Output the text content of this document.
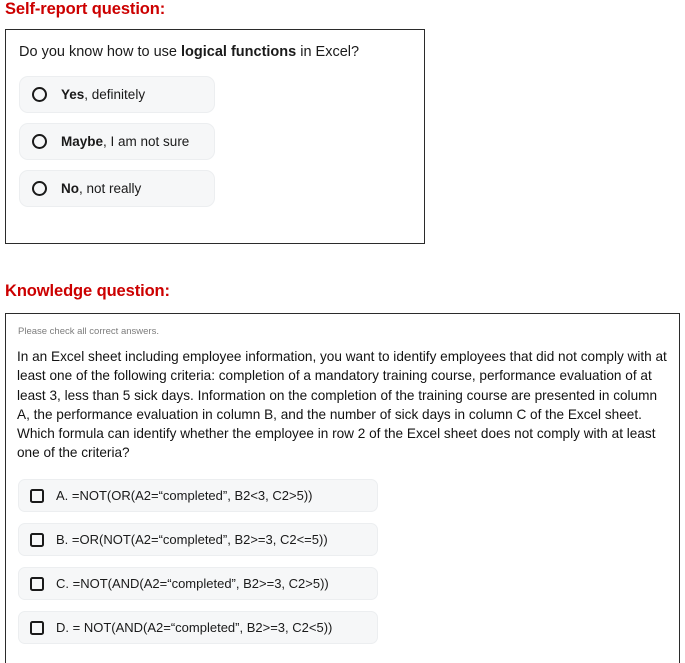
Self-report question:
Do you know how to use logical functions in Excel?
Yes, definitely
Maybe, I am not sure
No, not really
Knowledge question:
Please check all correct answers.
In an Excel sheet including employee information, you want to identify employees that did not comply with at least one of the following criteria: completion of a mandatory training course, performance evaluation of at least 3, less than 5 sick days. Information on the completion of the training course are presented in column A, the performance evaluation in column B, and the number of sick days in column C of the Excel sheet. Which formula can identify whether the employee in row 2 of the Excel sheet does not comply with at least one of the criteria?
A. =NOT(OR(A2=“completed”, B2<3, C2>5))
B. =OR(NOT(A2=“completed”, B2>=3, C2<=5))
C. =NOT(AND(A2=“completed”, B2>=3, C2>5))
D. = NOT(AND(A2=“completed”, B2>=3, C2<5))
